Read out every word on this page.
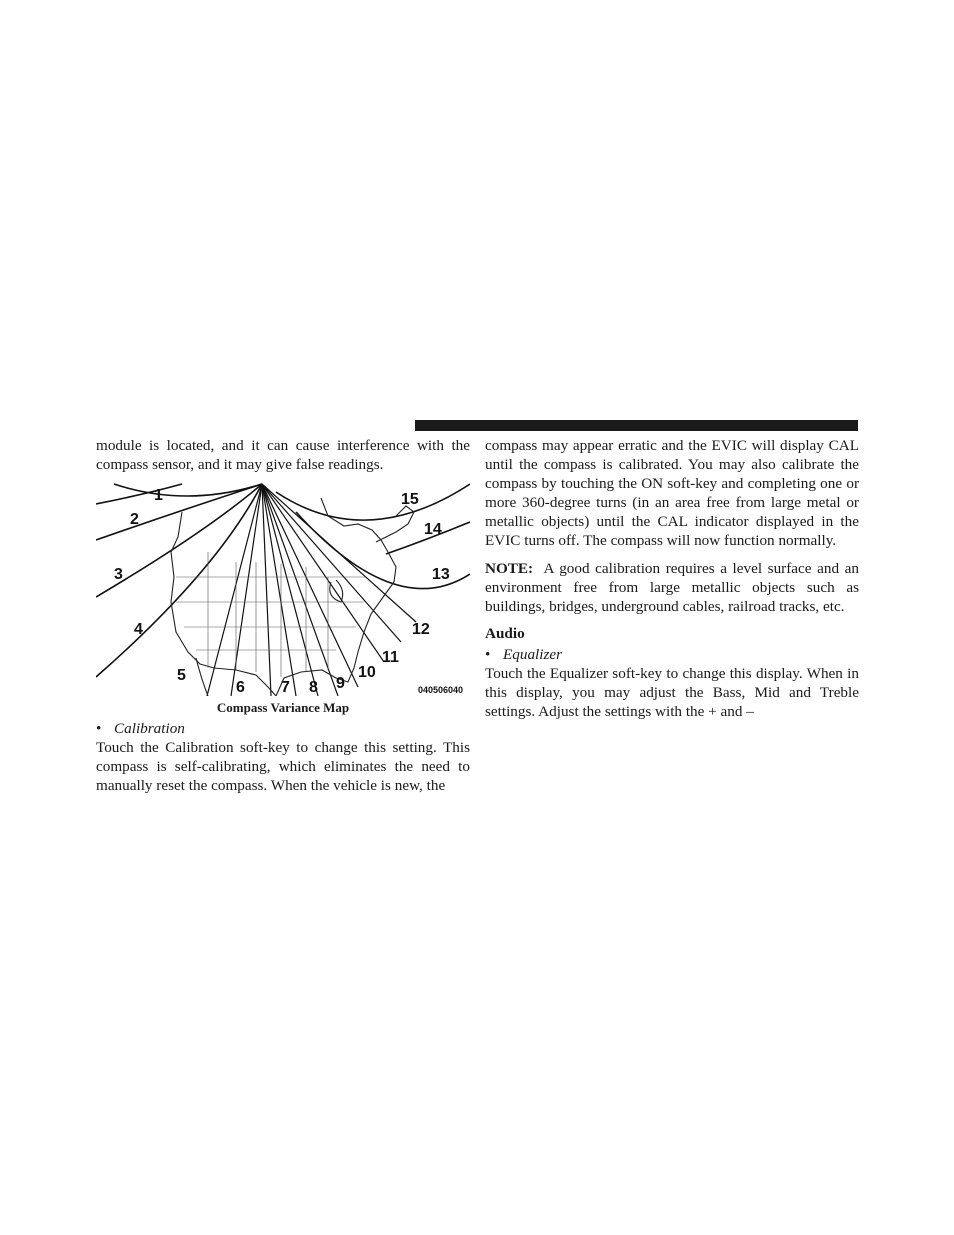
module is located, and it can cause interference with the compass sensor, and it may give false readings.

1
2
3
4
5
6 7 8 9
10
11
12
13
14
15
040506040
Compass Variance Map

• Calibration

Touch the Calibration soft-key to change this setting. This compass is self-calibrating, which eliminates the need to manually reset the compass. When the vehicle is new, the

compass may appear erratic and the EVIC will display CAL until the compass is calibrated. You may also calibrate the compass by touching the ON soft-key and completing one or more 360-degree turns (in an area free from large metal or metallic objects) until the CAL indicator displayed in the EVIC turns off. The compass will now function normally.

NOTE: A good calibration requires a level surface and an environment free from large metallic objects such as buildings, bridges, underground cables, railroad tracks, etc.

Audio

• Equalizer

Touch the Equalizer soft-key to change this display. When in this display, you may adjust the Bass, Mid and Treble settings. Adjust the settings with the + and –
